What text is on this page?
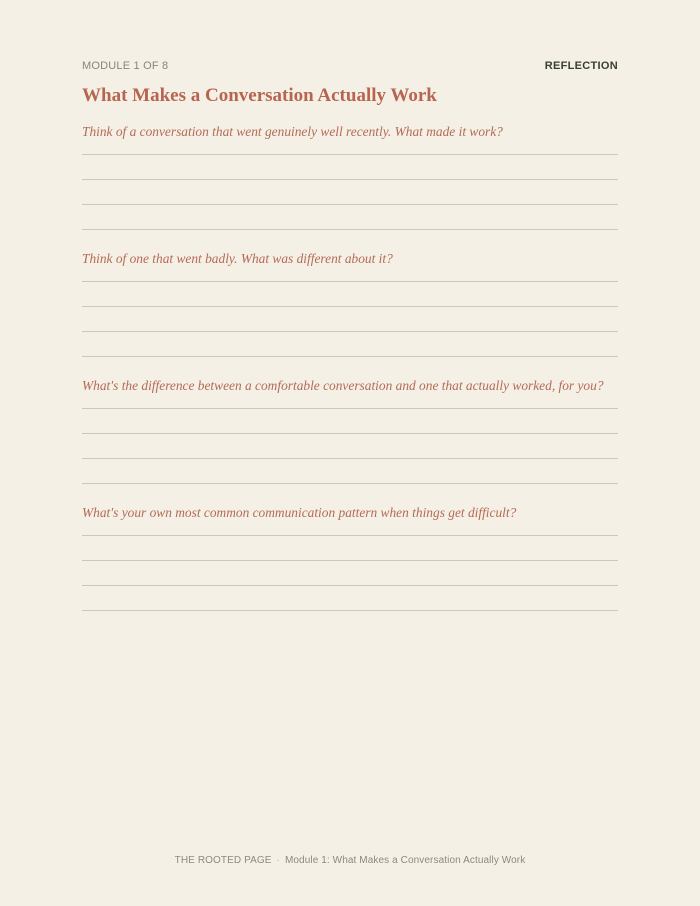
MODULE 1 OF 8	REFLECTION
What Makes a Conversation Actually Work
Think of a conversation that went genuinely well recently. What made it work?
Think of one that went badly. What was different about it?
What's the difference between a comfortable conversation and one that actually worked, for you?
What's your own most common communication pattern when things get difficult?
THE ROOTED PAGE · Module 1: What Makes a Conversation Actually Work
